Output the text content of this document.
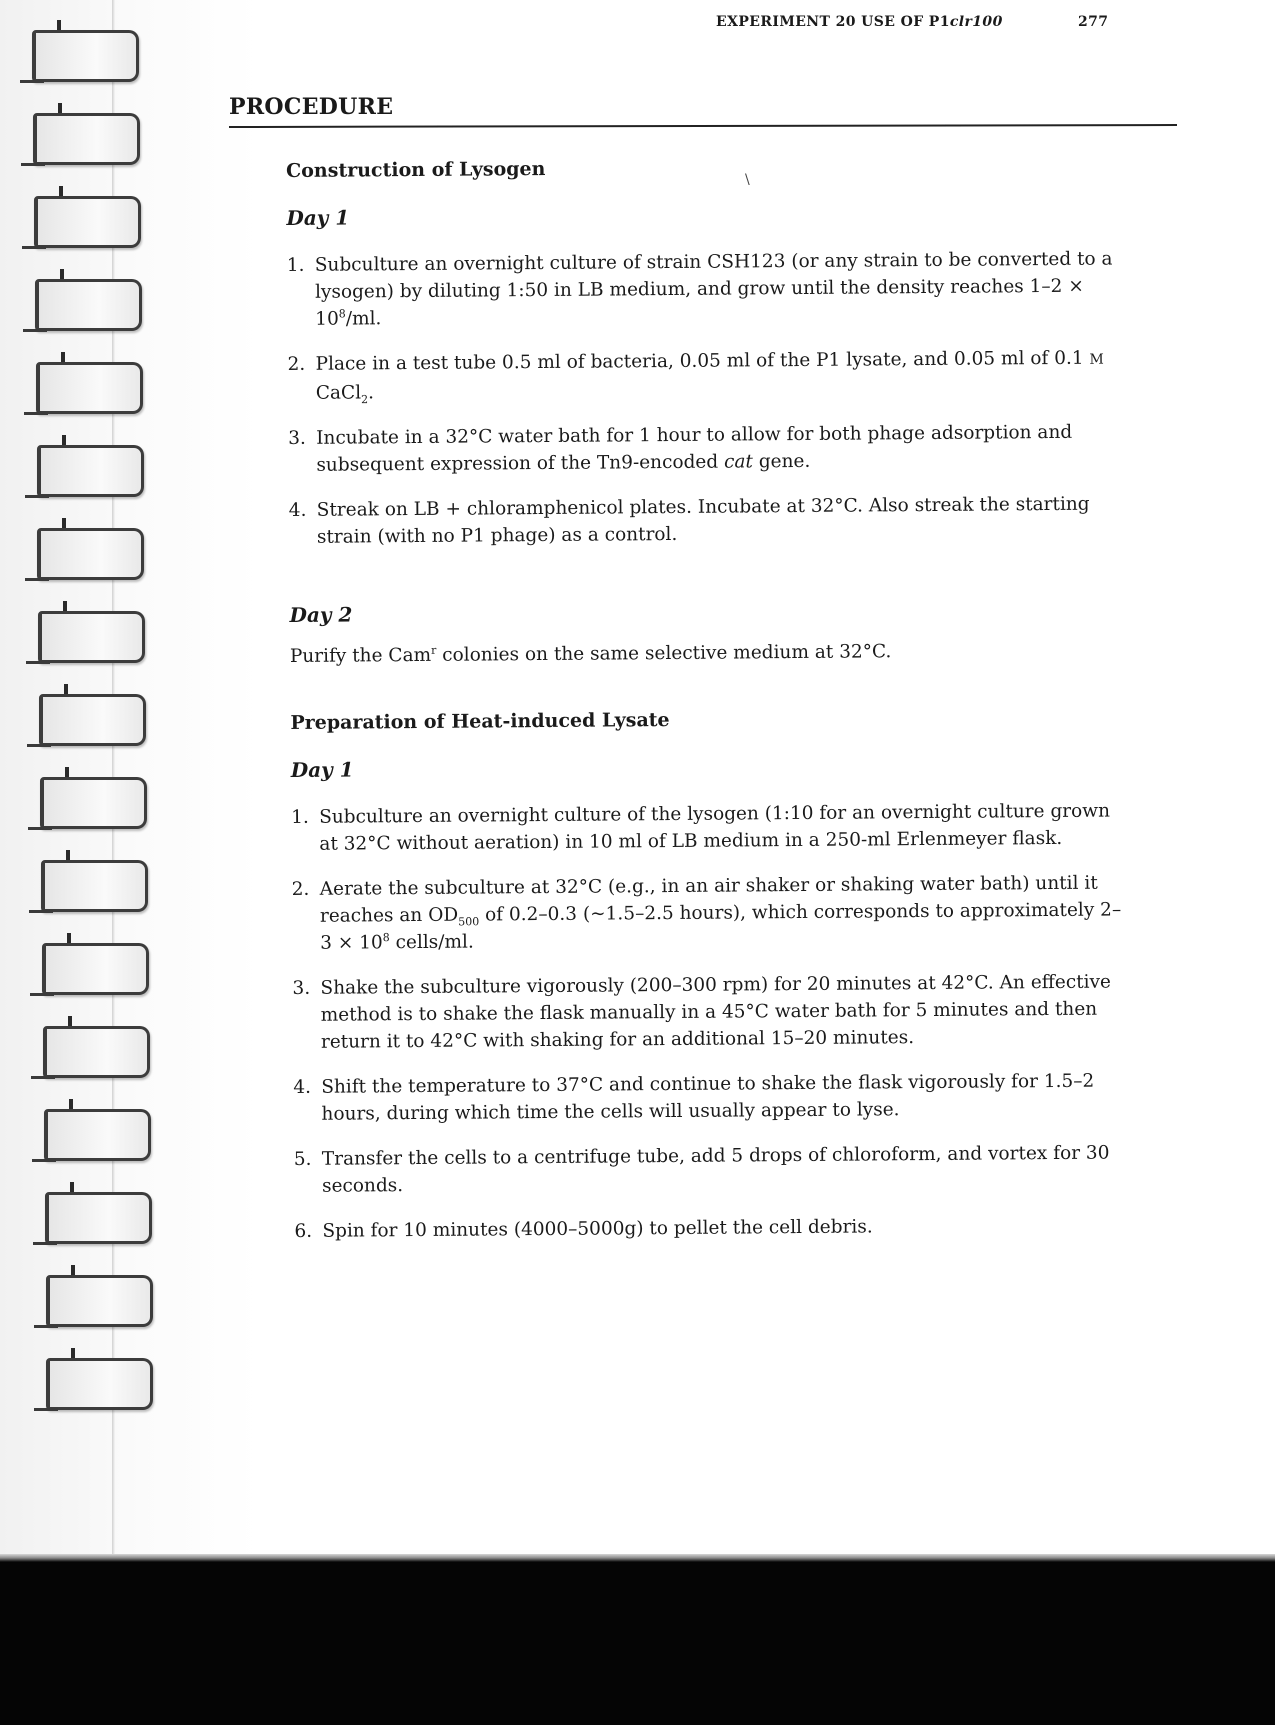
EXPERIMENT 20 USE OF P1clr100	277
PROCEDURE
\

Construction of Lysogen

Day 1

1. Subculture an overnight culture of strain CSH123 (or any strain to be converted to a lysogen) by diluting 1:50 in LB medium, and grow until the density reaches $1-2 \times 10^8/ml$.
2. Place in a test tube 0.5 ml of bacteria, 0.05 ml of the P1 lysate, and 0.05 ml of 0.1 M CaCl$_2$.
3. Incubate in a 32°C water bath for 1 hour to allow for both phage adsorption and subsequent expression of the Tn9-encoded cat gene.
4. Streak on LB + chloramphenicol plates. Incubate at 32°C. Also streak the starting strain (with no P1 phage) as a control.

Day 2

Purify the Cam$^r$ colonies on the same selective medium at 32°C.

Preparation of Heat-induced Lysate

Day 1

1. Subculture an overnight culture of the lysogen (1:10 for an overnight culture grown at 32°C without aeration) in 10 ml of LB medium in a 250-ml Erlenmeyer flask.
2. Aerate the subculture at 32°C (e.g., in an air shaker or shaking water bath) until it reaches an $OD_{500}$ of 0.2–0.3 (~1.5–2.5 hours), which corresponds to approximately $2-3 \times 10^8$ cells/ml.
3. Shake the subculture vigorously (200–300 rpm) for 20 minutes at 42°C. An effective method is to shake the flask manually in a 45°C water bath for 5 minutes and then return it to 42°C with shaking for an additional 15–20 minutes.
4. Shift the temperature to 37°C and continue to shake the flask vigorously for 1.5–2 hours, during which time the cells will usually appear to lyse.
5. Transfer the cells to a centrifuge tube, add 5 drops of chloroform, and vortex for 30 seconds.
6. Spin for 10 minutes (4000–5000g) to pellet the cell debris.
